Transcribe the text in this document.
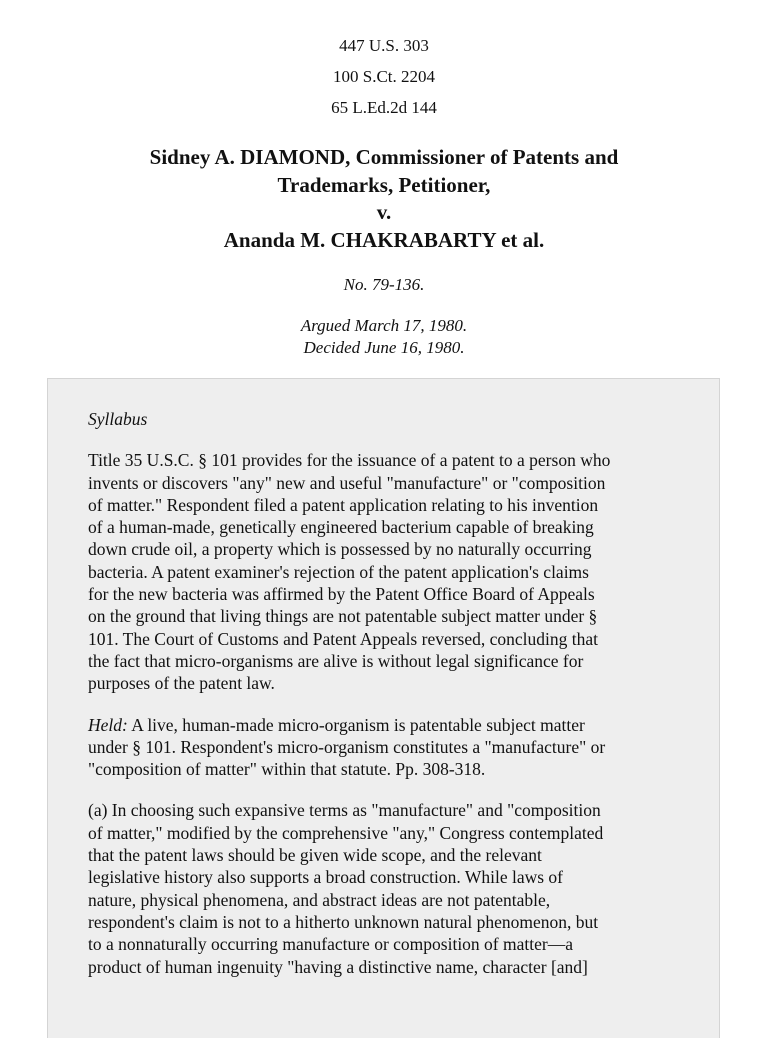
447 U.S. 303
100 S.Ct. 2204
65 L.Ed.2d 144
Sidney A. DIAMOND, Commissioner of Patents and
Trademarks, Petitioner,
v.
Ananda M. CHAKRABARTY et al.
No. 79-136.
Argued March 17, 1980.
Decided June 16, 1980.

Syllabus

Title 35 U.S.C. § 101 provides for the issuance of a patent to a person who
invents or discovers "any" new and useful "manufacture" or "composition
of matter." Respondent filed a patent application relating to his invention
of a human-made, genetically engineered bacterium capable of breaking
down crude oil, a property which is possessed by no naturally occurring
bacteria. A patent examiner's rejection of the patent application's claims
for the new bacteria was affirmed by the Patent Office Board of Appeals
on the ground that living things are not patentable subject matter under §
101. The Court of Customs and Patent Appeals reversed, concluding that
the fact that micro-organisms are alive is without legal significance for
purposes of the patent law.

Held: A live, human-made micro-organism is patentable subject matter
under § 101. Respondent's micro-organism constitutes a "manufacture" or
"composition of matter" within that statute. Pp. 308-318.

(a) In choosing such expansive terms as "manufacture" and "composition
of matter," modified by the comprehensive "any," Congress contemplated
that the patent laws should be given wide scope, and the relevant
legislative history also supports a broad construction. While laws of
nature, physical phenomena, and abstract ideas are not patentable,
respondent's claim is not to a hitherto unknown natural phenomenon, but
to a nonnaturally occurring manufacture or composition of matter—a
product of human ingenuity "having a distinctive name, character [and]
